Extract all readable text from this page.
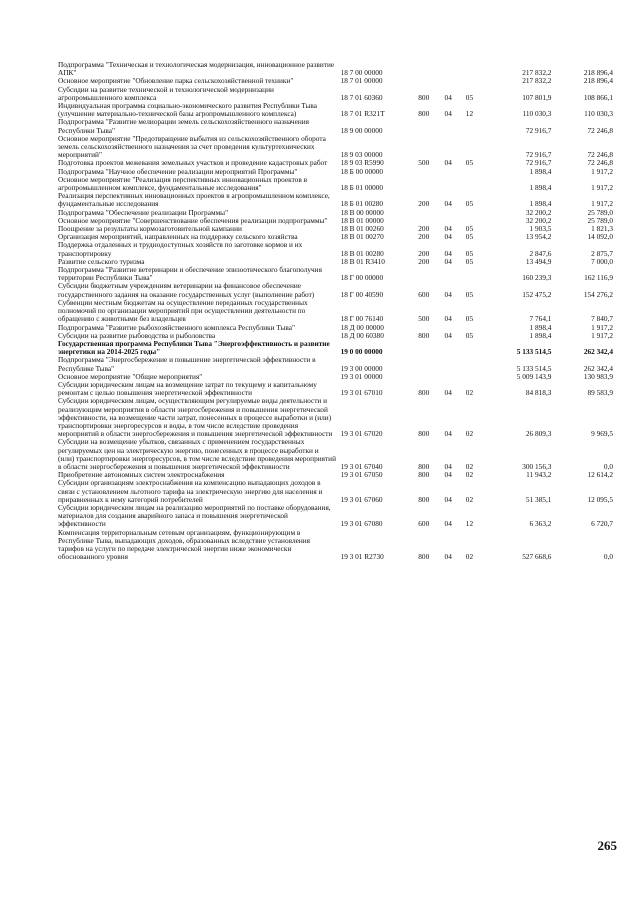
Подпрограмма "Техническая и технологическая модернизация, инновационное развитие АПК"	18 7 00 00000				217 832,2	218 896,4
Основное мероприятие "Обновление парка сельскохозяйственной техники"	18 7 01 00000				217 832,2	218 896,4
Субсидии на развитие технической и технологической модернизации агропромышленного комплекса	18 7 01 60360	800	04	05	107 801,9	108 866,1
Индивидуальная программа социально-экономического развития Республики Тыва (улучшение материально-технической базы агропромышленного комплекса)	18 7 01 R321Т	800	04	12	110 030,3	110 030,3
Подпрограмма "Развитие мелиорации земель сельскохозяйственного назначения Республики Тыва"	18 9 00 00000				72 916,7	72 246,8
Основное мероприятие "Предотвращение выбытия из сельскохозяйственного оборота земель сельскохозяйственного назначения за счет проведения культуртехнических мероприятий"	18 9 03 00000				72 916,7	72 246,8
Подготовка проектов межевания земельных участков и проведение кадастровых работ	18 9 03 R5990	500	04	05	72 916,7	72 246,8
Подпрограмма "Научное обеспечение реализации мероприятий Программы"	18 Б 00 00000				1 898,4	1 917,2
Основное мероприятие "Реализация перспективных инновационных проектов в агропромышленном комплексе, фундаментальные исследования"	18 Б 01 00000				1 898,4	1 917,2
Реализация перспективных инновационных проектов в агропромышленном комплексе, фундаментальные исследования	18 Б 01 00280	200	04	05	1 898,4	1 917,2
Подпрограмма "Обеспечение реализации Программы"	18 В 00 00000				32 200,2	25 789,0
Основное мероприятие "Совершенствование обеспечения реализации подпрограммы"	18 В 01 00000				32 200,2	25 789,0
Поощрение за результаты кормозаготовительной кампании	18 В 01 00260	200	04	05	1 903,5	1 821,3
Организация мероприятий, направленных на поддержку сельского хозяйства	18 В 01 00270	200	04	05	13 954,2	14 092,0
Поддержка отдаленных и труднодоступных хозяйств по заготовке кормов и их транспортировку	18 В 01 00280	200	04	05	2 847,6	2 875,7
Развитие сельского туризма	18 В 01 R3410	200	04	05	13 494,9	7 000,0
Подпрограмма "Развитие ветеринарии и обеспечение эпизоотического благополучия территории Республики Тыва"	18 Г 00 00000				160 239,3	162 116,9
Субсидии бюджетным учреждениям ветеринарии на финансовое обеспечение государственного задания на оказание государственных услуг (выполнение работ)	18 Г 00 40590	600	04	05	152 475,2	154 276,2
Субвенции местным бюджетам на осуществление переданных государственных полномочий по организации мероприятий при осуществлении деятельности по обращению с животными без владельцев	18 Г 00 76140	500	04	05	7 764,1	7 840,7
Подпрограмма "Развитие рыбохозяйственного комплекса Республики Тыва"	18 Д 00 00000				1 898,4	1 917,2
Субсидии на развитие рыбоводства и рыболовства	18 Д 00 60380	800	04	05	1 898,4	1 917,2
Государственная программа Республики Тыва "Энергоэффективность и развитие энергетики на 2014-2025 годы"	19 0 00 00000				5 133 514,5	262 342,4
Подпрограмма "Энергосбережение и повышение энергетической эффективности в Республике Тыва"	19 3 00 00000				5 133 514,5	262 342,4
Основное мероприятие "Общие мероприятия"	19 3 01 00000				5 009 143,9	130 983,9
Субсидии юридическим лицам на возмещение затрат по текущему и капитальному ремонтам с целью повышения энергетической эффективности	19 3 01 67010	800	04	02	84 818,3	89 583,9
Субсидии юридическим лицам, осуществляющим регулируемые виды деятельности и реализующим мероприятия в области энергосбережения и повышения энергетической эффективности, на возмещение части затрат, понесенных в процессе выработки и (или) транспортировки энергоресурсов и воды, в том числе вследствие проведения мероприятий в области энергосбережения и повышения энергетической эффективности	19 3 01 67020	800	04	02	26 809,3	9 969,5
Субсидии на возмещение убытков, связанных с применением государственных регулируемых цен на электрическую энергию, понесенных в процессе выработки и (или) транспортировки энергоресурсов, в том числе вследствие проведения мероприятий в области энергосбережения и повышения энергетической эффективности	19 3 01 67040	800	04	02	300 156,3	0,0
Приобретение автономных систем электроснабжения	19 3 01 67050	800	04	02	11 943,2	12 614,2
Субсидии организациям электроснабжения на компенсацию выпадающих доходов в связи с установлением льготного тарифа на электрическую энергию для населения и приравненных к нему категорий потребителей	19 3 01 67060	800	04	02	51 385,1	12 095,5
Субсидии юридическим лицам на реализацию мероприятий по поставке оборудования, материалов для создания аварийного запаса и повышения энергетической эффективности	19 3 01 67080	600	04	12	6 363,2	6 720,7
Компенсация территориальным сетевым организациям, функционирующим в Республике Тыва, выпадающих доходов, образованных вследствие установления тарифов на услуги по передаче электрической энергии ниже экономически обоснованного уровня	19 3 01 R2730	800	04	02	527 668,6	0,0
265
